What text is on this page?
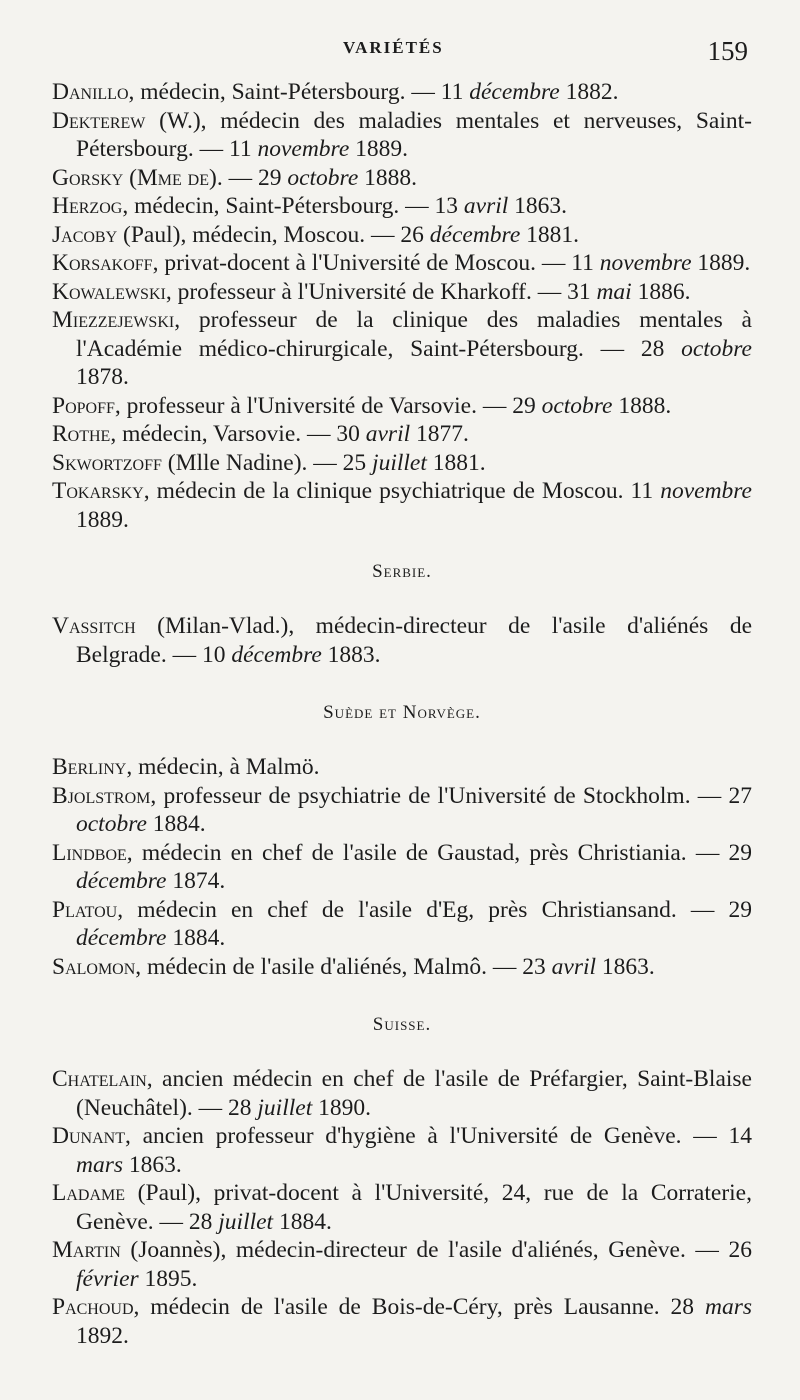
VARIÉTÉS	159
Danillo, médecin, Saint-Pétersbourg. — 11 décembre 1882.
Dekterew (W.), médecin des maladies mentales et nerveuses, Saint-Pétersbourg. — 11 novembre 1889.
Gorsky (Mme de). — 29 octobre 1888.
Herzog, médecin, Saint-Pétersbourg. — 13 avril 1863.
Jacoby (Paul), médecin, Moscou. — 26 décembre 1881.
Korsakoff, privat-docent à l'Université de Moscou. — 11 novembre 1889.
Kowalewski, professeur à l'Université de Kharkoff. — 31 mai 1886.
Miezzejewski, professeur de la clinique des maladies mentales à l'Académie médico-chirurgicale, Saint-Pétersbourg. — 28 octobre 1878.
Popoff, professeur à l'Université de Varsovie. — 29 octobre 1888.
Rothe, médecin, Varsovie. — 30 avril 1877.
Skwortzoff (Mlle Nadine). — 25 juillet 1881.
Tokarsky, médecin de la clinique psychiatrique de Moscou. 11 novembre 1889.
Serbie.
Vassitch (Milan-Vlad.), médecin-directeur de l'asile d'aliénés de Belgrade. — 10 décembre 1883.
Suède et Norvège.
Berliny, médecin, à Malmö.
Bjolstrom, professeur de psychiatrie de l'Université de Stockholm. — 27 octobre 1884.
Lindboe, médecin en chef de l'asile de Gaustad, près Christiania. — 29 décembre 1874.
Platou, médecin en chef de l'asile d'Eg, près Christiansand. — 29 décembre 1884.
Salomon, médecin de l'asile d'aliénés, Malmô. — 23 avril 1863.
Suisse.
Chatelain, ancien médecin en chef de l'asile de Préfargier, Saint-Blaise (Neuchâtel). — 28 juillet 1890.
Dunant, ancien professeur d'hygiène à l'Université de Genève. — 14 mars 1863.
Ladame (Paul), privat-docent à l'Université, 24, rue de la Corraterie, Genève. — 28 juillet 1884.
Martin (Joannès), médecin-directeur de l'asile d'aliénés, Genève. — 26 février 1895.
Pachoud, médecin de l'asile de Bois-de-Céry, près Lausanne. 28 mars 1892.
